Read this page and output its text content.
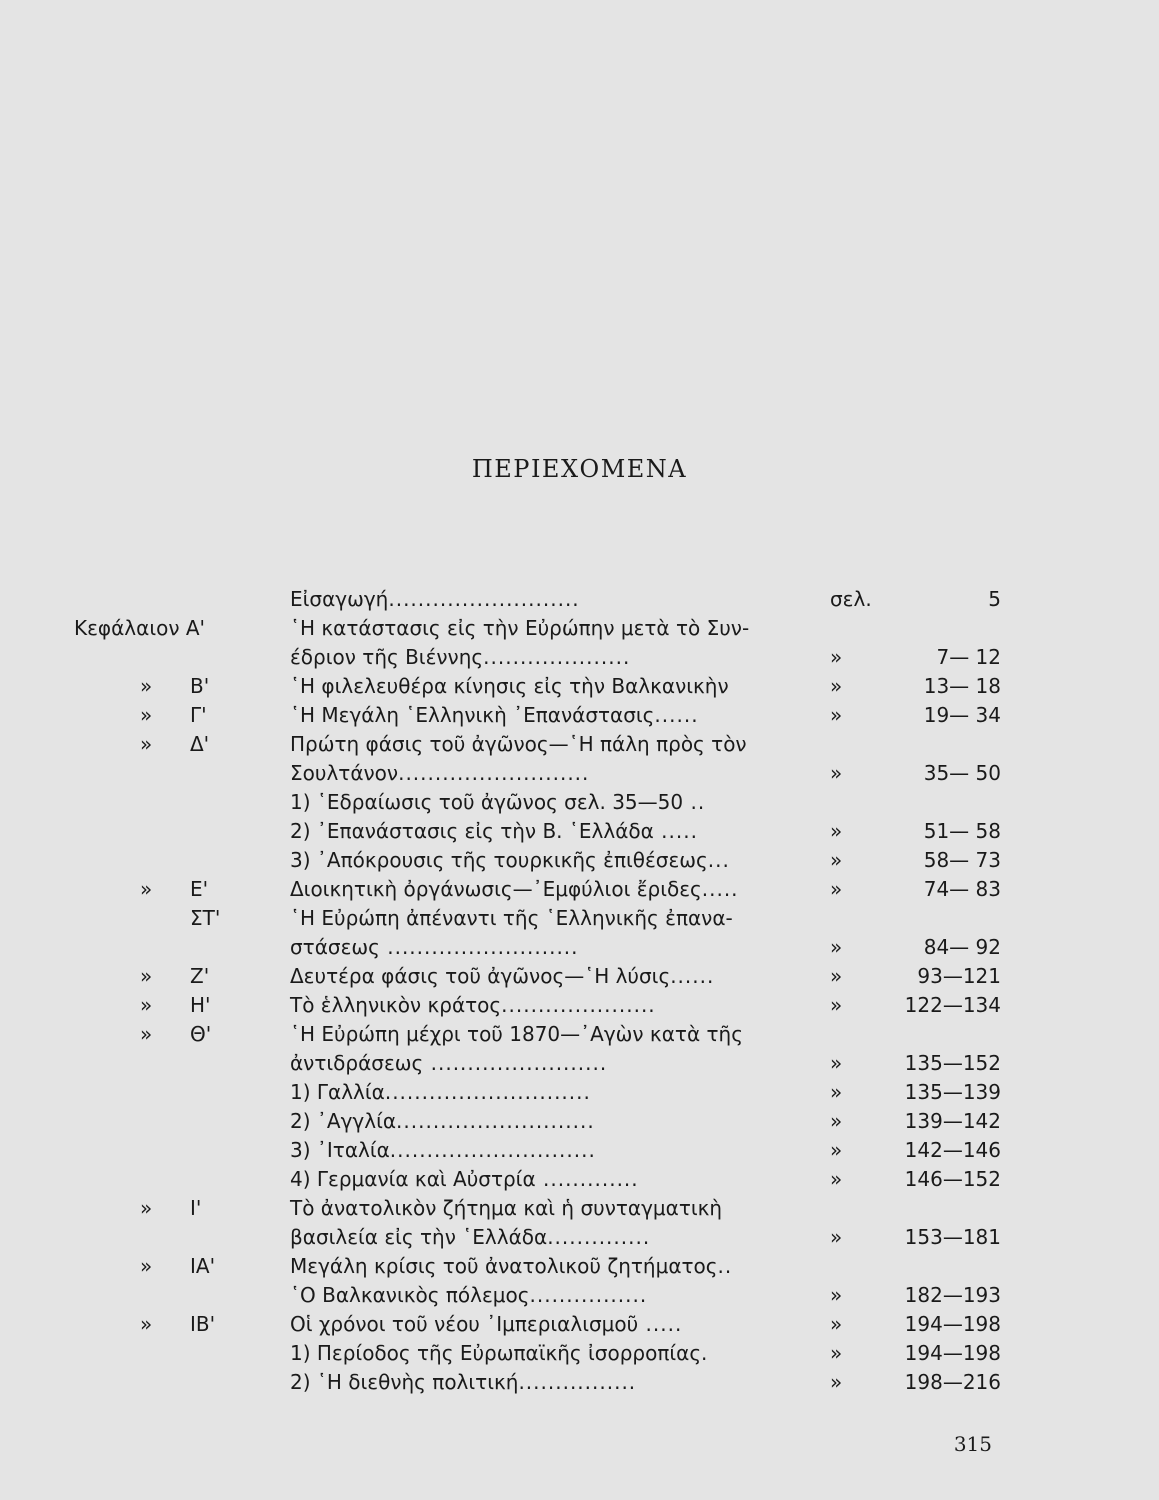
ΠΕΡΙΕΧΟΜΕΝΑ
Εἰσαγωγή..........................	σελ.	5
Κεφάλαιον Α'	῾Η κατάστασις εἰς τὴν Εὐρώπην μετὰ τὸ Συν-
έδριον τῆς Βιέννης....................	»	7— 12
» Β'	῾Η φιλελευθέρα κίνησις εἰς τὴν Βαλκανικὴν	»	13— 18
» Γ'	῾Η Μεγάλη ῾Ελληνικὴ ᾿Επανάστασις......	»	19— 34
» Δ'	Πρώτη φάσις τοῦ ἀγῶνος—῾Η πάλη πρὸς τὸν
Σουλτάνον..........................	»	35— 50
1) ῾Εδραίωσις τοῦ ἀγῶνος σελ. 35—50 ..
2) ᾿Επανάστασις εἰς τὴν Β. ῾Ελλάδα .....	»	51— 58
3) ᾿Απόκρουσις τῆς τουρκικῆς ἐπιθέσεως...	»	58— 73
» Ε'	Διοικητικὴ ὀργάνωσις—᾿Εμφύλιοι ἔριδες.....	»	74— 83
ΣΤ'	῾Η Εὐρώπη ἀπέναντι τῆς ῾Ελληνικῆς ἐπανα-
στάσεως ..........................	»	84— 92
» Ζ'	Δευτέρα φάσις τοῦ ἀγῶνος—῾Η λύσις......	»	93—121
» Η'	Τὸ ἑλληνικὸν κράτος.....................	»	122—134
» Θ'	῾Η Εὐρώπη μέχρι τοῦ 1870—᾿Αγὼν κατὰ τῆς
ἀντιδράσεως ........................	»	135—152
1) Γαλλία............................	»	135—139
2) ᾿Αγγλία...........................	»	139—142
3) ᾿Ιταλία............................	»	142—146
4) Γερμανία καὶ Αὐστρία .............	»	146—152
» Ι'	Τὸ ἀνατολικὸν ζήτημα καὶ ἡ συνταγματικὴ
βασιλεία εἰς τὴν ῾Ελλάδα..............	»	153—181
» ΙΑ'	Μεγάλη κρίσις τοῦ ἀνατολικοῦ ζητήματος..
῾Ο Βαλκανικὸς πόλεμος................	»	182—193
» ΙΒ'	Οἱ χρόνοι τοῦ νέου ᾿Ιμπεριαλισμοῦ .....	»	194—198
1) Περίοδος τῆς Εὐρωπαϊκῆς ἰσορροπίας.	»	194—198
2) ῾Η διεθνὴς πολιτική................	»	198—216
315
